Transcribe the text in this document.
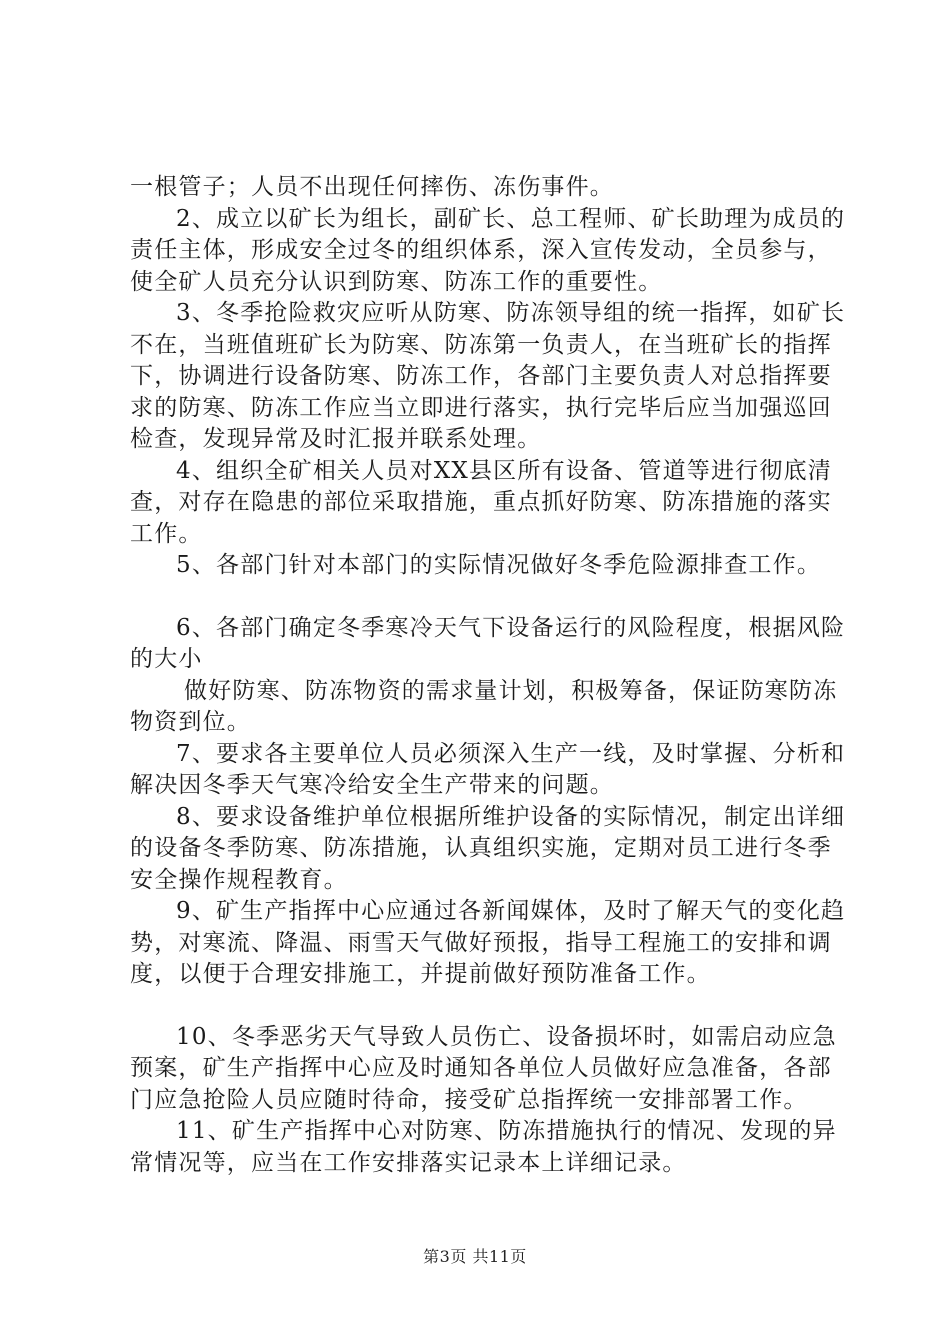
一根管子；人员不出现任何摔伤、冻伤事件。

2、成立以矿长为组长，副矿长、总工程师、矿长助理为成员的责任主体，形成安全过冬的组织体系，深入宣传发动，全员参与，使全矿人员充分认识到防寒、防冻工作的重要性。

3、冬季抢险救灾应听从防寒、防冻领导组的统一指挥，如矿长不在，当班值班矿长为防寒、防冻第一负责人，在当班矿长的指挥下，协调进行设备防寒、防冻工作，各部门主要负责人对总指挥要求的防寒、防冻工作应当立即进行落实，执行完毕后应当加强巡回检查，发现异常及时汇报并联系处理。

4、组织全矿相关人员对XX县区所有设备、管道等进行彻底清查，对存在隐患的部位采取措施，重点抓好防寒、防冻措施的落实工作。

5、各部门针对本部门的实际情况做好冬季危险源排查工作。

6、各部门确定冬季寒冷天气下设备运行的风险程度，根据风险的大小

做好防寒、防冻物资的需求量计划，积极筹备，保证防寒防冻物资到位。

7、要求各主要单位人员必须深入生产一线，及时掌握、分析和解决因冬季天气寒冷给安全生产带来的问题。

8、要求设备维护单位根据所维护设备的实际情况，制定出详细的设备冬季防寒、防冻措施，认真组织实施，定期对员工进行冬季安全操作规程教育。

9、矿生产指挥中心应通过各新闻媒体，及时了解天气的变化趋势，对寒流、降温、雨雪天气做好预报，指导工程施工的安排和调度，以便于合理安排施工，并提前做好预防准备工作。

10、冬季恶劣天气导致人员伤亡、设备损坏时，如需启动应急预案，矿生产指挥中心应及时通知各单位人员做好应急准备，各部门应急抢险人员应随时待命，接受矿总指挥统一安排部署工作。

11、矿生产指挥中心对防寒、防冻措施执行的情况、发现的异常情况等，应当在工作安排落实记录本上详细记录。

第3页 共11页
